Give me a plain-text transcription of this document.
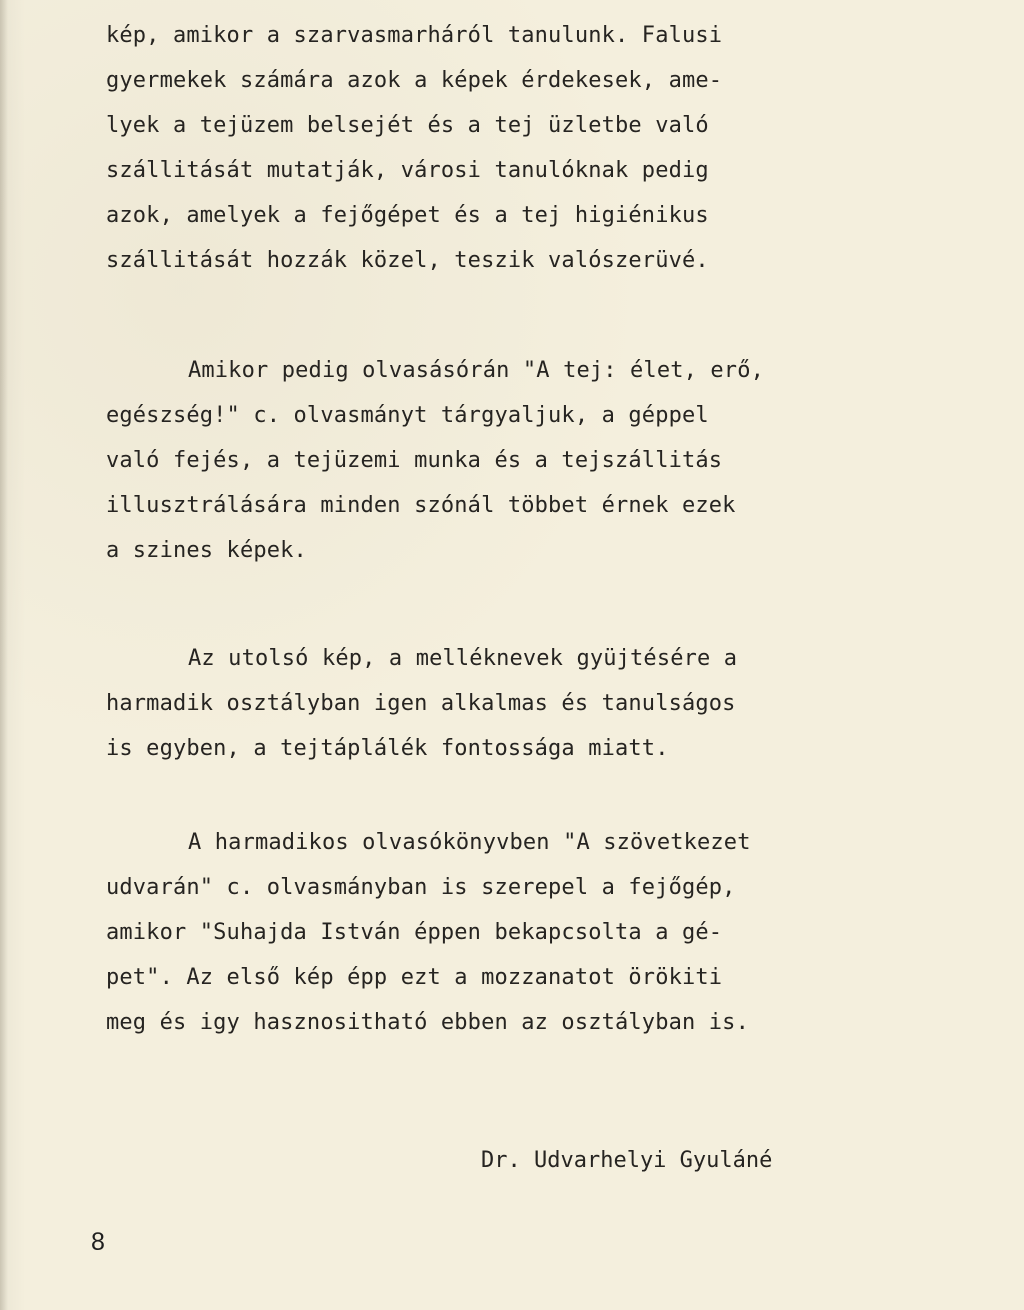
kép, amikor a szarvasmarháról tanulunk. Falusi
gyermekek számára azok a képek érdekesek, ame-
lyek a tejüzem belsejét és a tej üzletbe való
szállitását mutatják, városi tanulóknak pedig
azok, amelyek a fejőgépet és a tej higiénikus
szállitását hozzák közel, teszik valószerüvé.
Amikor pedig olvasásórán "A tej: élet, erő,
egészség!" c. olvasmányt tárgyaljuk, a géppel
való fejés, a tejüzemi munka és a tejszállitás
illusztrálására minden szónál többet érnek ezek
a szines képek.
Az utolsó kép, a melléknevek gyüjtésére a
harmadik osztályban igen alkalmas és tanulságos
is egyben, a tejtáplálék fontossága miatt.
A harmadikos olvasókönyvben "A szövetkezet
udvarán" c. olvasmányban is szerepel a fejőgép,
amikor "Suhajda István éppen bekapcsolta a gé-
pet". Az első kép épp ezt a mozzanatot örökiti
meg és igy hasznositható ebben az osztályban is.
Dr. Udvarhelyi Gyuláné
8
